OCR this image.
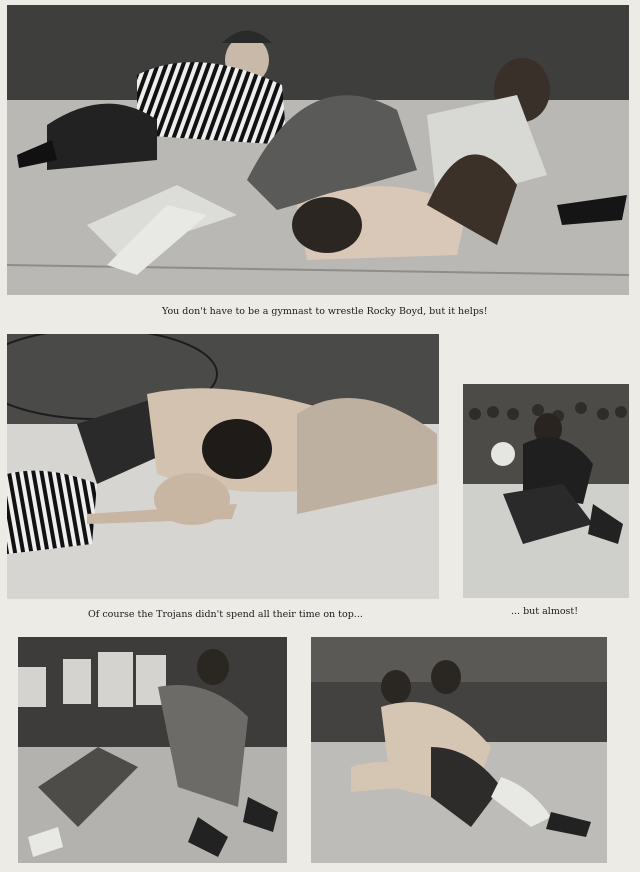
You don't have to be a gymnast to wrestle Rocky Boyd, but it helps!
Of course the Trojans didn't spend all their time on top...	... but almost!
